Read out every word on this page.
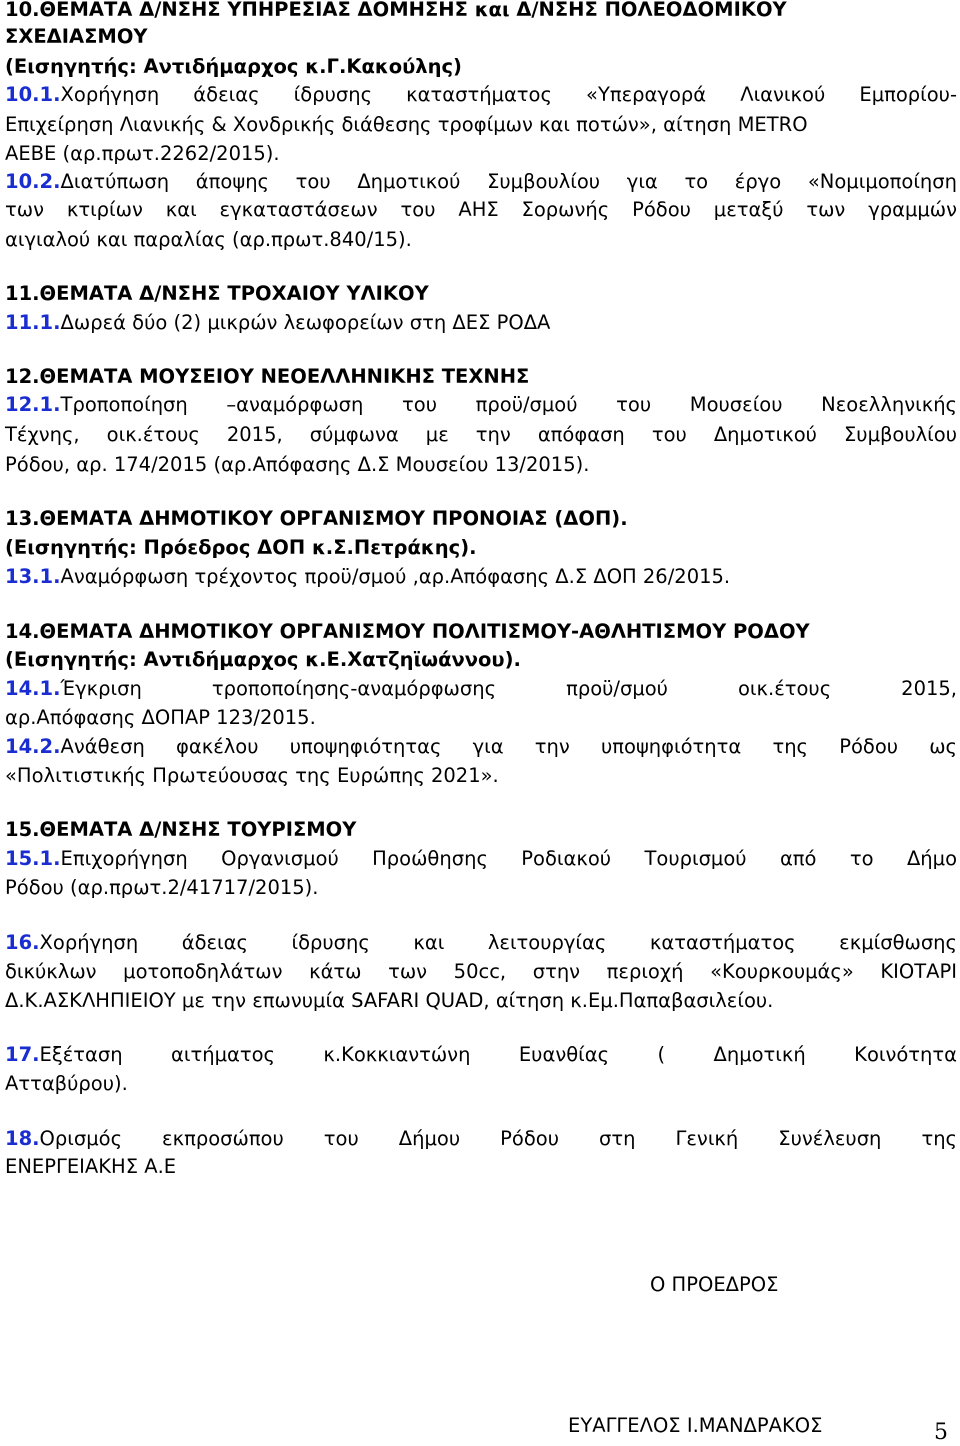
10.ΘΕΜΑΤΑ Δ/ΝΣΗΣ ΥΠΗΡΕΣΙΑΣ ΔΟΜΗΣΗΣ και Δ/ΝΣΗΣ ΠΟΛΕΟΔΟΜΙΚΟΥ
ΣΧΕΔΙΑΣΜΟΥ
(Εισηγητής: Αντιδήμαρχος κ.Γ.Κακούλης)
10.1.Χορήγηση άδειας ίδρυσης καταστήματος «Υπεραγορά Λιανικού Εμπορίου-
Επιχείρηση Λιανικής & Χονδρικής διάθεσης τροφίμων και ποτών», αίτηση METRO
ΑΕΒΕ (αρ.πρωτ.2262/2015).
10.2.Διατύπωση άποψης του Δημοτικού Συμβουλίου για το έργο «Νομιμοποίηση
των κτιρίων και εγκαταστάσεων του ΑΗΣ Σορωνής Ρόδου μεταξύ των γραμμών
αιγιαλού και παραλίας (αρ.πρωτ.840/15).
11.ΘΕΜΑΤΑ Δ/ΝΣΗΣ ΤΡΟΧΑΙΟΥ ΥΛΙΚΟΥ
11.1.Δωρεά δύο (2) μικρών λεωφορείων στη ΔΕΣ ΡΟΔΑ
12.ΘΕΜΑΤΑ ΜΟΥΣΕΙΟΥ ΝΕΟΕΛΛΗΝΙΚΗΣ ΤΕΧΝΗΣ
12.1.Τροποποίηση –αναμόρφωση του προϋ/σμού του Μουσείου Νεοελληνικής
Τέχνης, οικ.έτους 2015, σύμφωνα με την απόφαση του Δημοτικού Συμβουλίου
Ρόδου, αρ. 174/2015 (αρ.Απόφασης Δ.Σ Μουσείου 13/2015).
13.ΘΕΜΑΤΑ ΔΗΜΟΤΙΚΟΥ ΟΡΓΑΝΙΣΜΟΥ ΠΡΟΝΟΙΑΣ (ΔΟΠ).
(Εισηγητής: Πρόεδρος ΔΟΠ κ.Σ.Πετράκης).
13.1.Αναμόρφωση τρέχοντος προϋ/σμού ,αρ.Απόφασης Δ.Σ ΔΟΠ 26/2015.
14.ΘΕΜΑΤΑ ΔΗΜΟΤΙΚΟΥ ΟΡΓΑΝΙΣΜΟΥ ΠΟΛΙΤΙΣΜΟΥ-ΑΘΛΗΤΙΣΜΟΥ ΡΟΔΟΥ
(Εισηγητής: Αντιδήμαρχος κ.Ε.Χατζηϊωάννου).
14.1.Έγκριση τροποποίησης-αναμόρφωσης προϋ/σμού οικ.έτους 2015,
αρ.Απόφασης ΔΟΠΑΡ 123/2015.
14.2.Ανάθεση φακέλου υποψηφιότητας για την υποψηφιότητα της Ρόδου ως
«Πολιτιστικής Πρωτεύουσας της Ευρώπης 2021».
15.ΘΕΜΑΤΑ Δ/ΝΣΗΣ ΤΟΥΡΙΣΜΟΥ
15.1.Επιχορήγηση Οργανισμού Προώθησης Ροδιακού Τουρισμού από το Δήμο
Ρόδου (αρ.πρωτ.2/41717/2015).
16.Χορήγηση άδειας ίδρυσης και λειτουργίας καταστήματος εκμίσθωσης
δικύκλων μοτοποδηλάτων κάτω των 50cc, στην περιοχή «Κουρκουμάς» ΚΙΟΤΑΡΙ
Δ.Κ.ΑΣΚΛΗΠΙΕΙΟΥ με την επωνυμία SAFARI QUAD, αίτηση κ.Εμ.Παπαβασιλείου.
17.Εξέταση αιτήματος κ.Κοκκιαντώνη Ευανθίας ( Δημοτική Κοινότητα
Ατταβύρου).
18.Ορισμός εκπροσώπου του Δήμου Ρόδου στη Γενική Συνέλευση της
ΕΝΕΡΓΕΙΑΚΗΣ Α.Ε
Ο ΠΡΟΕΔΡΟΣ
ΕΥΑΓΓΕΛΟΣ Ι.ΜΑΝΔΡΑΚΟΣ	5
